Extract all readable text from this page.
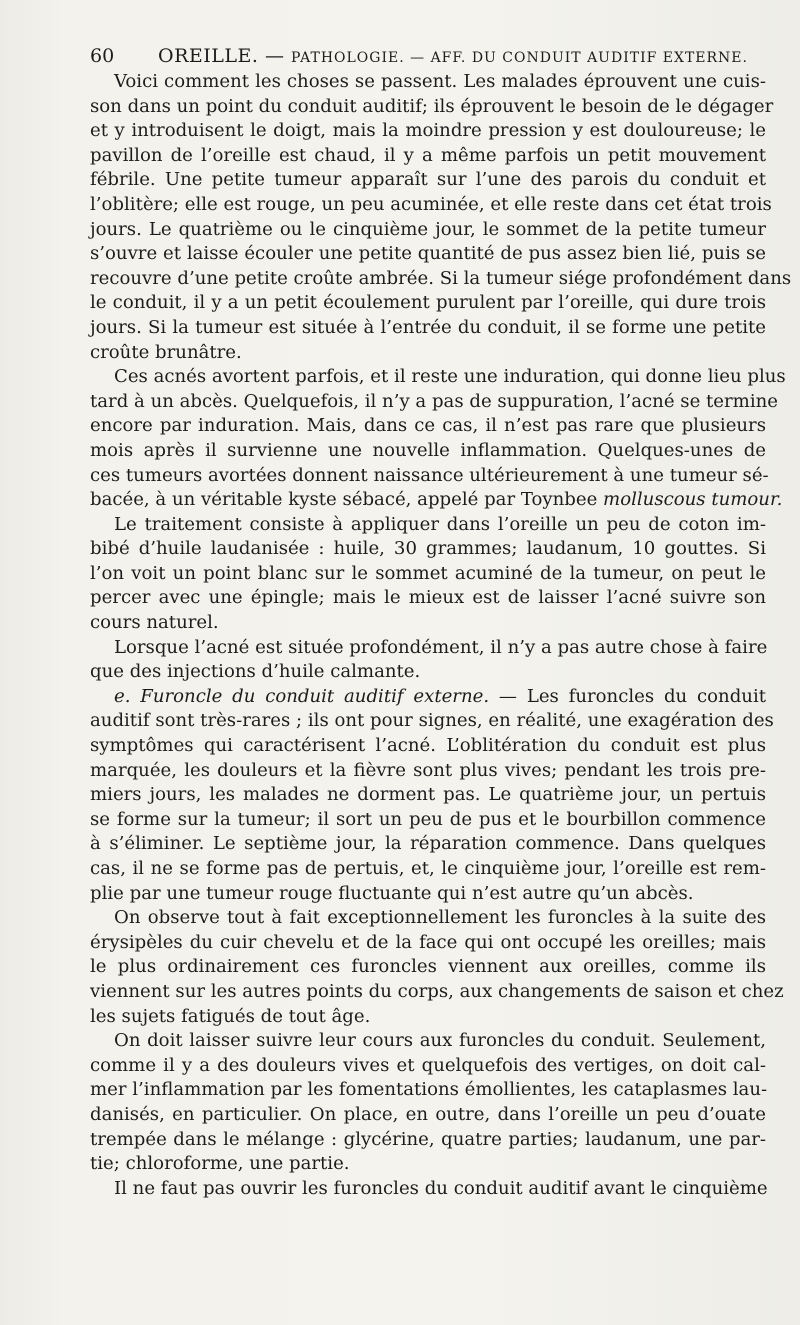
60 OREILLE. — PATHOLOGIE. — AFF. DU CONDUIT AUDITIF EXTERNE.
Voici comment les choses se passent. Les malades éprouvent une cuis-
son dans un point du conduit auditif; ils éprouvent le besoin de le dégager
et y introduisent le doigt, mais la moindre pression y est douloureuse; le
pavillon de l’oreille est chaud, il y a même parfois un petit mouvement
fébrile. Une petite tumeur apparaît sur l’une des parois du conduit et
l’oblitère; elle est rouge, un peu acuminée, et elle reste dans cet état trois
jours. Le quatrième ou le cinquième jour, le sommet de la petite tumeur
s’ouvre et laisse écouler une petite quantité de pus assez bien lié, puis se
recouvre d’une petite croûte ambrée. Si la tumeur siége profondément dans
le conduit, il y a un petit écoulement purulent par l’oreille, qui dure trois
jours. Si la tumeur est située à l’entrée du conduit, il se forme une petite
croûte brunâtre.
Ces acnés avortent parfois, et il reste une induration, qui donne lieu plus
tard à un abcès. Quelquefois, il n’y a pas de suppuration, l’acné se termine
encore par induration. Mais, dans ce cas, il n’est pas rare que plusieurs
mois après il survienne une nouvelle inflammation. Quelques-unes de
ces tumeurs avortées donnent naissance ultérieurement à une tumeur sé-
bacée, à un véritable kyste sébacé, appelé par Toynbee molluscous tumour.
Le traitement consiste à appliquer dans l’oreille un peu de coton im-
bibé d’huile laudanisée : huile, 30 grammes; laudanum, 10 gouttes. Si
l’on voit un point blanc sur le sommet acuminé de la tumeur, on peut le
percer avec une épingle; mais le mieux est de laisser l’acné suivre son
cours naturel.
Lorsque l’acné est située profondément, il n’y a pas autre chose à faire
que des injections d’huile calmante.
e. Furoncle du conduit auditif externe. — Les furoncles du conduit
auditif sont très-rares ; ils ont pour signes, en réalité, une exagération des
symptômes qui caractérisent l’acné. L’oblitération du conduit est plus
marquée, les douleurs et la fièvre sont plus vives; pendant les trois pre-
miers jours, les malades ne dorment pas. Le quatrième jour, un pertuis
se forme sur la tumeur; il sort un peu de pus et le bourbillon commence
à s’éliminer. Le septième jour, la réparation commence. Dans quelques
cas, il ne se forme pas de pertuis, et, le cinquième jour, l’oreille est rem-
plie par une tumeur rouge fluctuante qui n’est autre qu’un abcès.
On observe tout à fait exceptionnellement les furoncles à la suite des
érysipèles du cuir chevelu et de la face qui ont occupé les oreilles; mais
le plus ordinairement ces furoncles viennent aux oreilles, comme ils
viennent sur les autres points du corps, aux changements de saison et chez
les sujets fatigués de tout âge.
On doit laisser suivre leur cours aux furoncles du conduit. Seulement,
comme il y a des douleurs vives et quelquefois des vertiges, on doit cal-
mer l’inflammation par les fomentations émollientes, les cataplasmes lau-
danisés, en particulier. On place, en outre, dans l’oreille un peu d’ouate
trempée dans le mélange : glycérine, quatre parties; laudanum, une par-
tie; chloroforme, une partie.
Il ne faut pas ouvrir les furoncles du conduit auditif avant le cinquième
